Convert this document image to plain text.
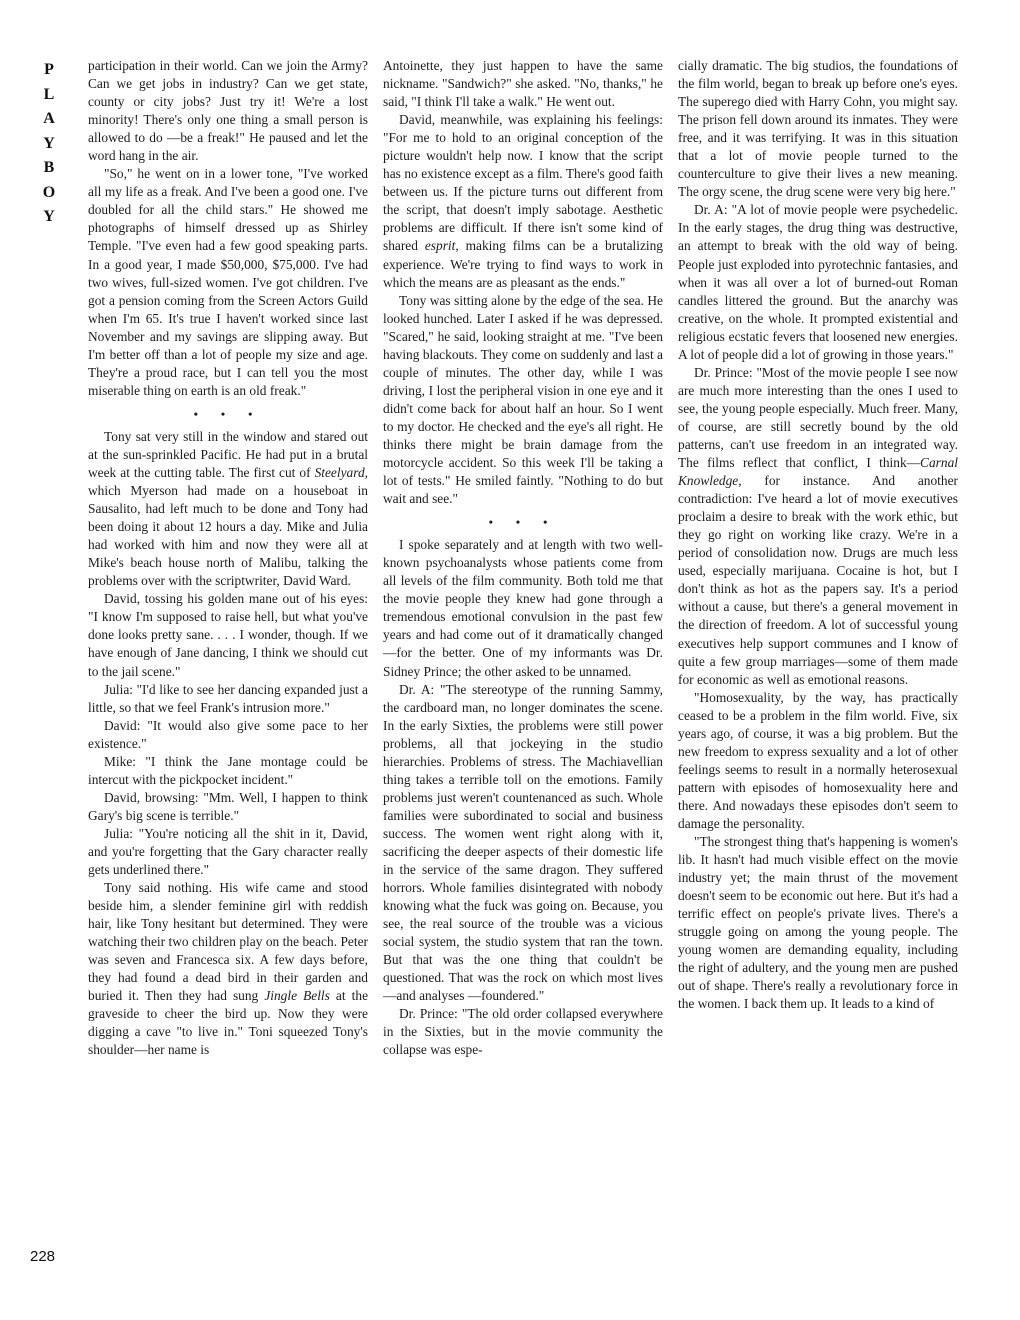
P
L
A
Y
B
O
Y
228

participation in their world. Can we join the Army? Can we get jobs in industry? Can we get state, county or city jobs? Just try it! We're a lost minority! There's only one thing a small person is allowed to do —be a freak!" He paused and let the word hang in the air.

"So," he went on in a lower tone, "I've worked all my life as a freak. And I've been a good one. I've doubled for all the child stars." He showed me photographs of himself dressed up as Shirley Temple. "I've even had a few good speaking parts. In a good year, I made $50,000, $75,000. I've had two wives, full-sized women. I've got children. I've got a pension coming from the Screen Actors Guild when I'm 65. It's true I haven't worked since last November and my savings are slipping away. But I'm better off than a lot of people my size and age. They're a proud race, but I can tell you the most miserable thing on earth is an old freak."

• • •

Tony sat very still in the window and stared out at the sun-sprinkled Pacific. He had put in a brutal week at the cutting table. The first cut of Steelyard, which Myerson had made on a houseboat in Sausalito, had left much to be done and Tony had been doing it about 12 hours a day. Mike and Julia had worked with him and now they were all at Mike's beach house north of Malibu, talking the problems over with the scriptwriter, David Ward.

David, tossing his golden mane out of his eyes: "I know I'm supposed to raise hell, but what you've done looks pretty sane. . . . I wonder, though. If we have enough of Jane dancing, I think we should cut to the jail scene."

Julia: "I'd like to see her dancing expanded just a little, so that we feel Frank's intrusion more."

David: "It would also give some pace to her existence."

Mike: "I think the Jane montage could be intercut with the pickpocket incident."

David, browsing: "Mm. Well, I happen to think Gary's big scene is terrible."

Julia: "You're noticing all the shit in it, David, and you're forgetting that the Gary character really gets underlined there."

Tony said nothing. His wife came and stood beside him, a slender feminine girl with reddish hair, like Tony hesitant but determined. They were watching their two children play on the beach. Peter was seven and Francesca six. A few days before, they had found a dead bird in their garden and buried it. Then they had sung Jingle Bells at the graveside to cheer the bird up. Now they were digging a cave "to live in." Toni squeezed Tony's shoulder—her name is

Antoinette, they just happen to have the same nickname. "Sandwich?" she asked. "No, thanks," he said, "I think I'll take a walk." He went out.

David, meanwhile, was explaining his feelings: "For me to hold to an original conception of the picture wouldn't help now. I know that the script has no existence except as a film. There's good faith between us. If the picture turns out different from the script, that doesn't imply sabotage. Aesthetic problems are difficult. If there isn't some kind of shared esprit, making films can be a brutalizing experience. We're trying to find ways to work in which the means are as pleasant as the ends."

Tony was sitting alone by the edge of the sea. He looked hunched. Later I asked if he was depressed. "Scared," he said, looking straight at me. "I've been having blackouts. They come on suddenly and last a couple of minutes. The other day, while I was driving, I lost the peripheral vision in one eye and it didn't come back for about half an hour. So I went to my doctor. He checked and the eye's all right. He thinks there might be brain damage from the motorcycle accident. So this week I'll be taking a lot of tests." He smiled faintly. "Nothing to do but wait and see."

• • •

I spoke separately and at length with two well-known psychoanalysts whose patients come from all levels of the film community. Both told me that the movie people they knew had gone through a tremendous emotional convulsion in the past few years and had come out of it dramatically changed—for the better. One of my informants was Dr. Sidney Prince; the other asked to be unnamed.

Dr. A: "The stereotype of the running Sammy, the cardboard man, no longer dominates the scene. In the early Sixties, the problems were still power problems, all that jockeying in the studio hierarchies. Problems of stress. The Machiavellian thing takes a terrible toll on the emotions. Family problems just weren't countenanced as such. Whole families were subordinated to social and business success. The women went right along with it, sacrificing the deeper aspects of their domestic life in the service of the same dragon. They suffered horrors. Whole families disintegrated with nobody knowing what the fuck was going on. Because, you see, the real source of the trouble was a vicious social system, the studio system that ran the town. But that was the one thing that couldn't be questioned. That was the rock on which most lives—and analyses —foundered."

Dr. Prince: "The old order collapsed everywhere in the Sixties, but in the movie community the collapse was espe-

cially dramatic. The big studios, the foundations of the film world, began to break up before one's eyes. The superego died with Harry Cohn, you might say. The prison fell down around its inmates. They were free, and it was terrifying. It was in this situation that a lot of movie people turned to the counterculture to give their lives a new meaning. The orgy scene, the drug scene were very big here."

Dr. A: "A lot of movie people were psychedelic. In the early stages, the drug thing was destructive, an attempt to break with the old way of being. People just exploded into pyrotechnic fantasies, and when it was all over a lot of burned-out Roman candles littered the ground. But the anarchy was creative, on the whole. It prompted existential and religious ecstatic fevers that loosened new energies. A lot of people did a lot of growing in those years."

Dr. Prince: "Most of the movie people I see now are much more interesting than the ones I used to see, the young people especially. Much freer. Many, of course, are still secretly bound by the old patterns, can't use freedom in an integrated way. The films reflect that conflict, I think—Carnal Knowledge, for instance. And another contradiction: I've heard a lot of movie executives proclaim a desire to break with the work ethic, but they go right on working like crazy. We're in a period of consolidation now. Drugs are much less used, especially marijuana. Cocaine is hot, but I don't think as hot as the papers say. It's a period without a cause, but there's a general movement in the direction of freedom. A lot of successful young executives help support communes and I know of quite a few group marriages—some of them made for economic as well as emotional reasons.

"Homosexuality, by the way, has practically ceased to be a problem in the film world. Five, six years ago, of course, it was a big problem. But the new freedom to express sexuality and a lot of other feelings seems to result in a normally heterosexual pattern with episodes of homosexuality here and there. And nowadays these episodes don't seem to damage the personality.

"The strongest thing that's happening is women's lib. It hasn't had much visible effect on the movie industry yet; the main thrust of the movement doesn't seem to be economic out here. But it's had a terrific effect on people's private lives. There's a struggle going on among the young people. The young women are demanding equality, including the right of adultery, and the young men are pushed out of shape. There's really a revolutionary force in the women. I back them up. It leads to a kind of
